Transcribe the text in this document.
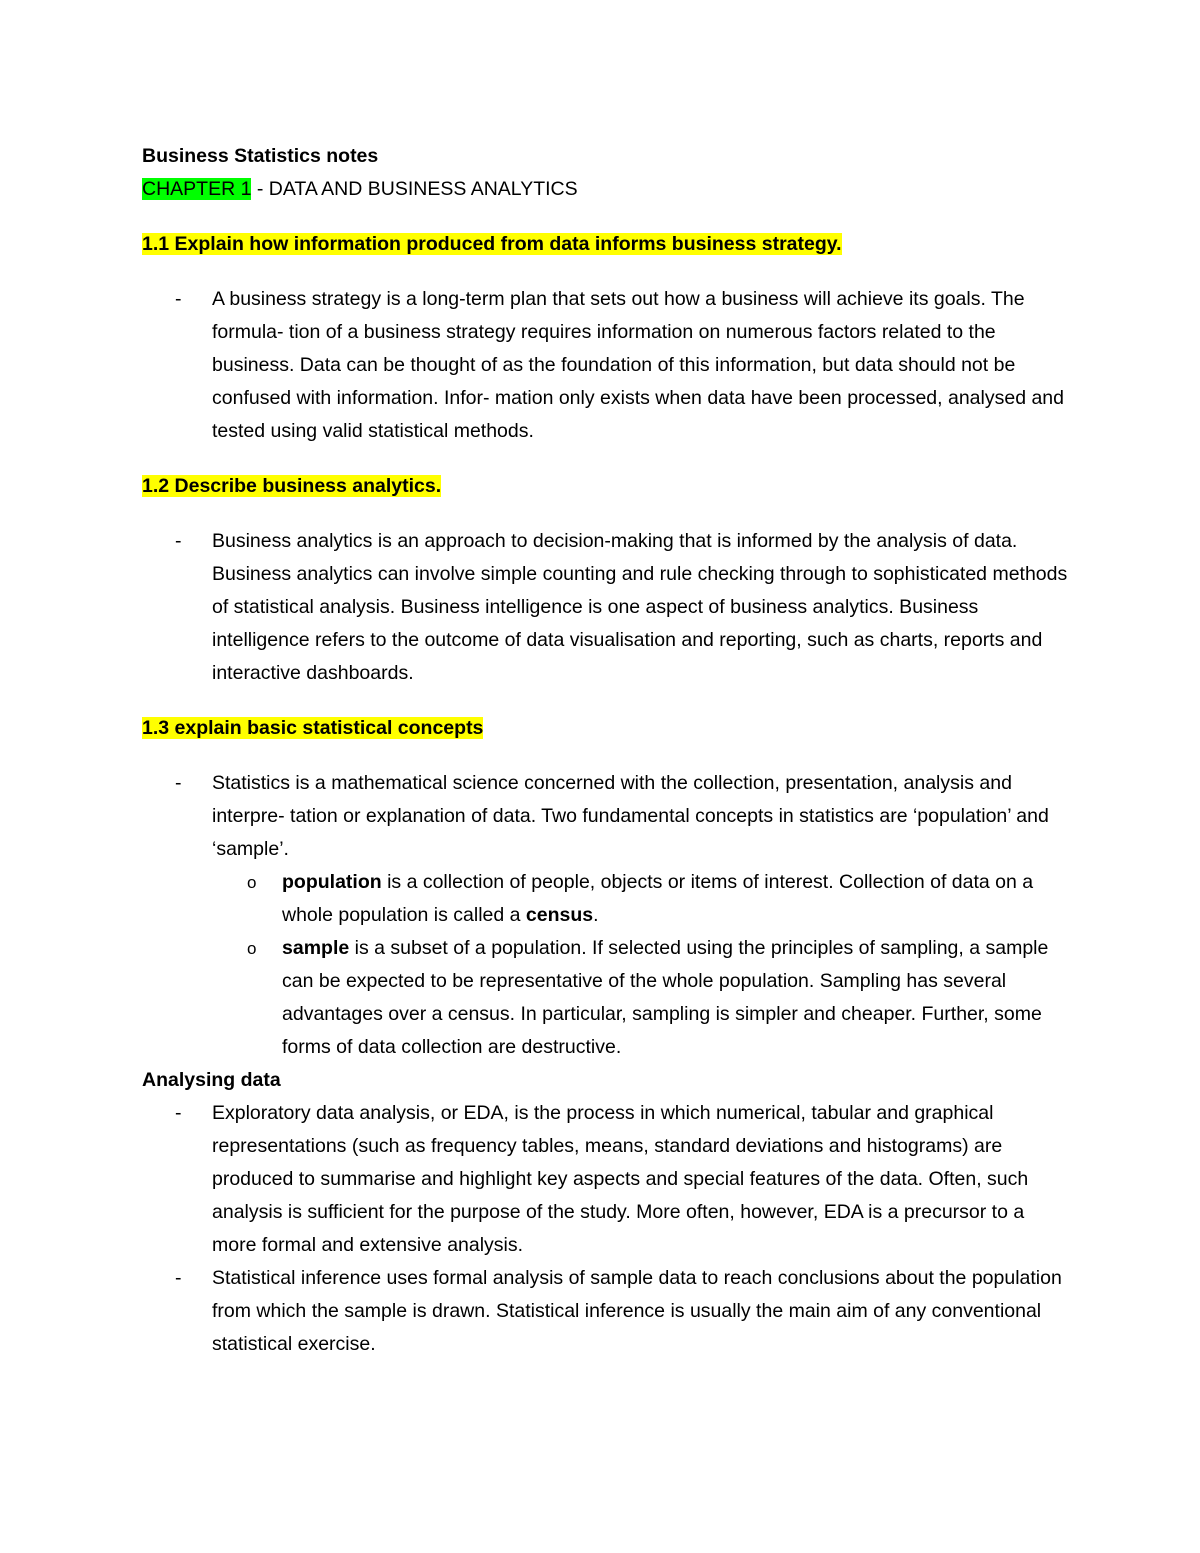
Business Statistics notes

CHAPTER 1 - DATA AND BUSINESS ANALYTICS

1.1 Explain how information produced from data informs business strategy.

- A business strategy is a long-term plan that sets out how a business will achieve its goals. The formula- tion of a business strategy requires information on numerous factors related to the business. Data can be thought of as the foundation of this information, but data should not be confused with information. Infor- mation only exists when data have been processed, analysed and tested using valid statistical methods.

1.2 Describe business analytics.

- Business analytics is an approach to decision-making that is informed by the analysis of data. Business analytics can involve simple counting and rule checking through to sophisticated methods of statistical analysis. Business intelligence is one aspect of business analytics. Business intelligence refers to the outcome of data visualisation and reporting, such as charts, reports and interactive dashboards.

1.3 explain basic statistical concepts

- Statistics is a mathematical science concerned with the collection, presentation, analysis and interpre- tation or explanation of data. Two fundamental concepts in statistics are ‘population’ and ‘sample’.
o population is a collection of people, objects or items of interest. Collection of data on a whole population is called a census.
o sample is a subset of a population. If selected using the principles of sampling, a sample can be expected to be representative of the whole population. Sampling has several advantages over a census. In particular, sampling is simpler and cheaper. Further, some forms of data collection are destructive.

Analysing data

- Exploratory data analysis, or EDA, is the process in which numerical, tabular and graphical representations (such as frequency tables, means, standard deviations and histograms) are produced to summarise and highlight key aspects and special features of the data. Often, such analysis is sufficient for the purpose of the study. More often, however, EDA is a precursor to a more formal and extensive analysis.
- Statistical inference uses formal analysis of sample data to reach conclusions about the population from which the sample is drawn. Statistical inference is usually the main aim of any conventional statistical exercise.
